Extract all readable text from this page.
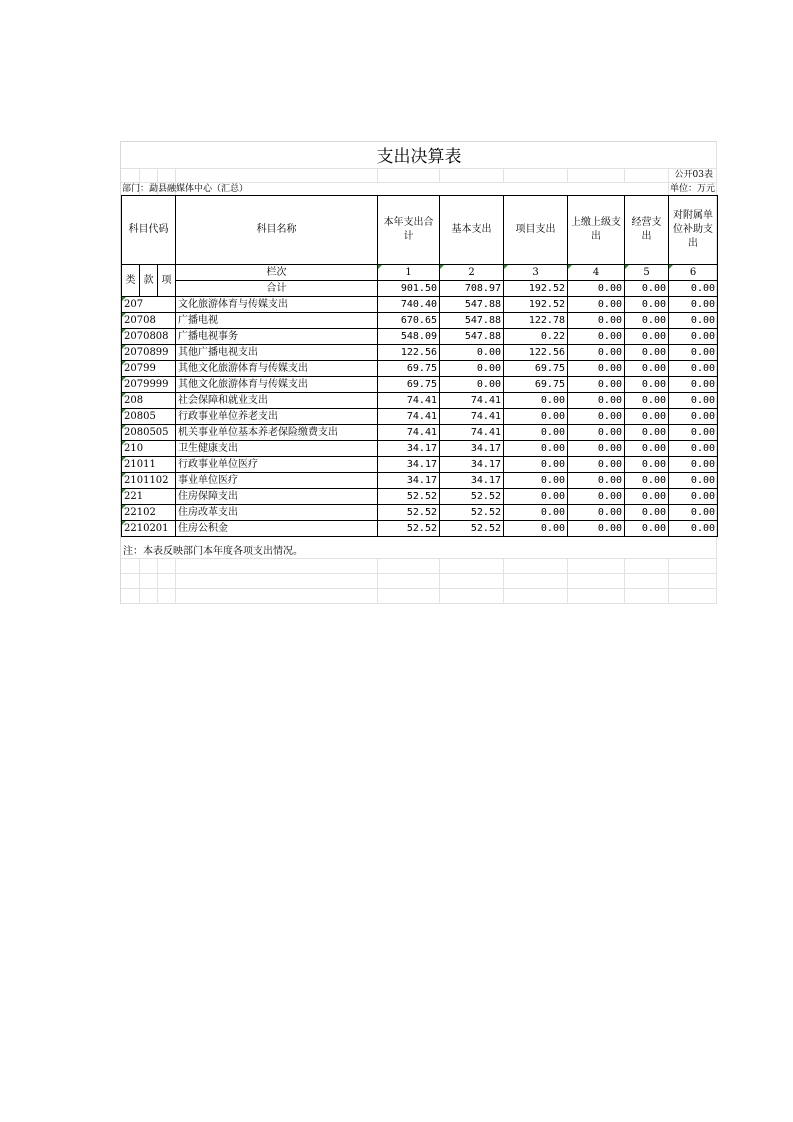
支出决算表
公开03表
部门：勐县融媒体中心（汇总）	单位：万元
科目代码			科目名称	本年支出合计	基本支出	项目支出	上缴上级支出	经营支出	对附属单位补助支出
类	款	项	栏次	1	2	3	4	5	6

			合计	901.50	708.97	192.52	0.00	0.00	0.00
207			文化旅游体育与传媒支出	740.40	547.88	192.52	0.00	0.00	0.00
20708			广播电视	670.65	547.88	122.78	0.00	0.00	0.00
2070808			广播电视事务	548.09	547.88	0.22	0.00	0.00	0.00
2070899			其他广播电视支出	122.56	0.00	122.56	0.00	0.00	0.00
20799			其他文化旅游体育与传媒支出	69.75	0.00	69.75	0.00	0.00	0.00
2079999			其他文化旅游体育与传媒支出	69.75	0.00	69.75	0.00	0.00	0.00
208			社会保障和就业支出	74.41	74.41	0.00	0.00	0.00	0.00
20805			行政事业单位养老支出	74.41	74.41	0.00	0.00	0.00	0.00
2080505			机关事业单位基本养老保险缴费支出	74.41	74.41	0.00	0.00	0.00	0.00
210			卫生健康支出	34.17	34.17	0.00	0.00	0.00	0.00
21011			行政事业单位医疗	34.17	34.17	0.00	0.00	0.00	0.00
2101102			事业单位医疗	34.17	34.17	0.00	0.00	0.00	0.00
221			住房保障支出	52.52	52.52	0.00	0.00	0.00	0.00
22102			住房改革支出	52.52	52.52	0.00	0.00	0.00	0.00
2210201			住房公积金	52.52	52.52	0.00	0.00	0.00	0.00
注：本表反映部门本年度各项支出情况。
